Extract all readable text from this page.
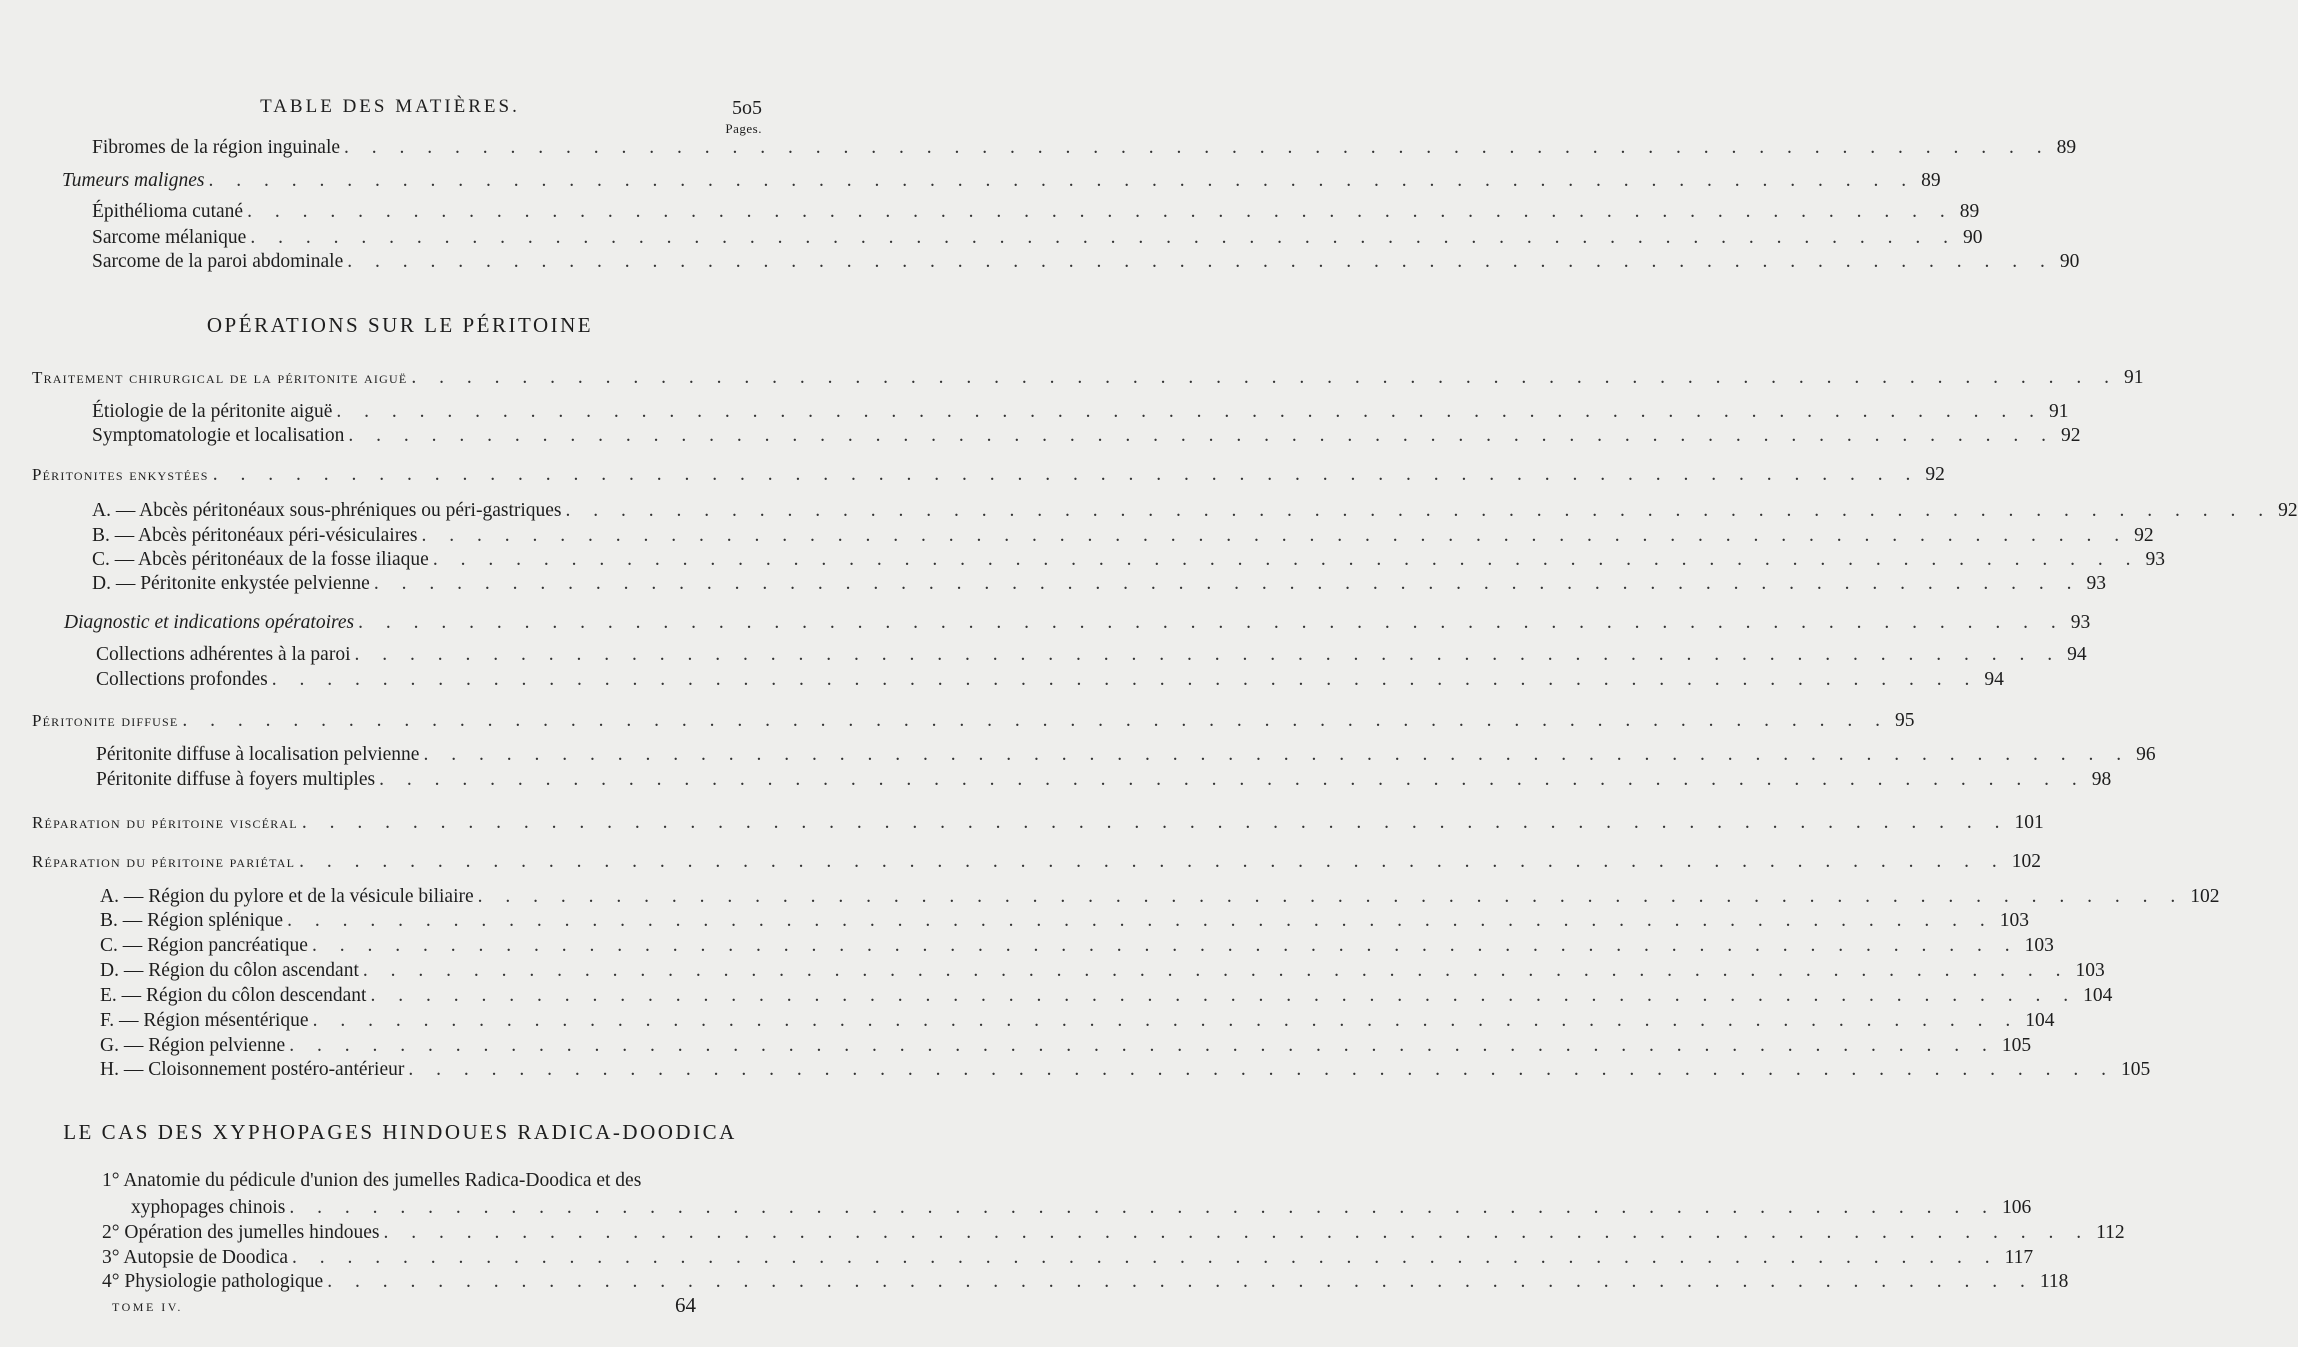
TABLE DES MATIÈRES.	5o5
Pages.
Fibromes de la région inguinale . . . . . . . . . . . . . . . . . . . . . . . . . . . . . . . . . . . . . . . . . . . . . . . . . . . . . . . . . . . . . . 89
Tumeurs malignes . . . . . . . . . . . . . . . . . . . . . . . . . . . . . . . . . . . . . . . . . . . . . . . . . . . . . . . . . . . . . . 89
Épithélioma cutané . . . . . . . . . . . . . . . . . . . . . . . . . . . . . . . . . . . . . . . . . . . . . . . . . . . . . . . . . . . . . . 89
Sarcome mélanique . . . . . . . . . . . . . . . . . . . . . . . . . . . . . . . . . . . . . . . . . . . . . . . . . . . . . . . . . . . . . . 90
Sarcome de la paroi abdominale . . . . . . . . . . . . . . . . . . . . . . . . . . . . . . . . . . . . . . . . . . . . . . . . . . . . . . . . . . . . . . 90
OPÉRATIONS SUR LE PÉRITOINE
Traitement chirurgical de la péritonite aiguë . . . . . . . . . . . . . . . . . . . . . . . . . . . . . . . . . . . . . . . . . . . . . . . . . . . . . . . . . . . . . . 91
Étiologie de la péritonite aiguë . . . . . . . . . . . . . . . . . . . . . . . . . . . . . . . . . . . . . . . . . . . . . . . . . . . . . . . . . . . . . . 91
Symptomatologie et localisation . . . . . . . . . . . . . . . . . . . . . . . . . . . . . . . . . . . . . . . . . . . . . . . . . . . . . . . . . . . . . . 92
Péritonites enkystées . . . . . . . . . . . . . . . . . . . . . . . . . . . . . . . . . . . . . . . . . . . . . . . . . . . . . . . . . . . . . . 92
A. — Abcès péritonéaux sous-phréniques ou péri-gastriques . . . . . . . . . . . . . . . . . . . . . . . . . . . . . . . . . . . . . . . . . . . . . . . . . . . . . . . . . . . . . . 92
B. — Abcès péritonéaux péri-vésiculaires . . . . . . . . . . . . . . . . . . . . . . . . . . . . . . . . . . . . . . . . . . . . . . . . . . . . . . . . . . . . . . 92
C. — Abcès péritonéaux de la fosse iliaque . . . . . . . . . . . . . . . . . . . . . . . . . . . . . . . . . . . . . . . . . . . . . . . . . . . . . . . . . . . . . . 93
D. — Péritonite enkystée pelvienne . . . . . . . . . . . . . . . . . . . . . . . . . . . . . . . . . . . . . . . . . . . . . . . . . . . . . . . . . . . . . . 93
Diagnostic et indications opératoires . . . . . . . . . . . . . . . . . . . . . . . . . . . . . . . . . . . . . . . . . . . . . . . . . . . . . . . . . . . . . . 93
Collections adhérentes à la paroi . . . . . . . . . . . . . . . . . . . . . . . . . . . . . . . . . . . . . . . . . . . . . . . . . . . . . . . . . . . . . . 94
Collections profondes . . . . . . . . . . . . . . . . . . . . . . . . . . . . . . . . . . . . . . . . . . . . . . . . . . . . . . . . . . . . . . 94
Péritonite diffuse . . . . . . . . . . . . . . . . . . . . . . . . . . . . . . . . . . . . . . . . . . . . . . . . . . . . . . . . . . . . . . 95
Péritonite diffuse à localisation pelvienne . . . . . . . . . . . . . . . . . . . . . . . . . . . . . . . . . . . . . . . . . . . . . . . . . . . . . . . . . . . . . . 96
Péritonite diffuse à foyers multiples . . . . . . . . . . . . . . . . . . . . . . . . . . . . . . . . . . . . . . . . . . . . . . . . . . . . . . . . . . . . . . 98
Réparation du péritoine viscéral . . . . . . . . . . . . . . . . . . . . . . . . . . . . . . . . . . . . . . . . . . . . . . . . . . . . . . . . . . . . . . 101
Réparation du péritoine pariétal . . . . . . . . . . . . . . . . . . . . . . . . . . . . . . . . . . . . . . . . . . . . . . . . . . . . . . . . . . . . . . 102
A. — Région du pylore et de la vésicule biliaire . . . . . . . . . . . . . . . . . . . . . . . . . . . . . . . . . . . . . . . . . . . . . . . . . . . . . . . . . . . . . . 102
B. — Région splénique . . . . . . . . . . . . . . . . . . . . . . . . . . . . . . . . . . . . . . . . . . . . . . . . . . . . . . . . . . . . . . 103
C. — Région pancréatique . . . . . . . . . . . . . . . . . . . . . . . . . . . . . . . . . . . . . . . . . . . . . . . . . . . . . . . . . . . . . . 103
D. — Région du côlon ascendant . . . . . . . . . . . . . . . . . . . . . . . . . . . . . . . . . . . . . . . . . . . . . . . . . . . . . . . . . . . . . . 103
E. — Région du côlon descendant . . . . . . . . . . . . . . . . . . . . . . . . . . . . . . . . . . . . . . . . . . . . . . . . . . . . . . . . . . . . . . 104
F. — Région mésentérique . . . . . . . . . . . . . . . . . . . . . . . . . . . . . . . . . . . . . . . . . . . . . . . . . . . . . . . . . . . . . . 104
G. — Région pelvienne . . . . . . . . . . . . . . . . . . . . . . . . . . . . . . . . . . . . . . . . . . . . . . . . . . . . . . . . . . . . . . 105
H. — Cloisonnement postéro-antérieur . . . . . . . . . . . . . . . . . . . . . . . . . . . . . . . . . . . . . . . . . . . . . . . . . . . . . . . . . . . . . . 105
LE CAS DES XYPHOPAGES HINDOUES RADICA-DOODICA
1° Anatomie du pédicule d'union des jumelles Radica-Doodica et des
xyphopages chinois . . . . . . . . . . . . . . . . . . . . . . . . . . . . . . . . . . . . . . . . . . . . . . . . . . . . . . . . . . . . . . 106
2° Opération des jumelles hindoues . . . . . . . . . . . . . . . . . . . . . . . . . . . . . . . . . . . . . . . . . . . . . . . . . . . . . . . . . . . . . . 112
3° Autopsie de Doodica . . . . . . . . . . . . . . . . . . . . . . . . . . . . . . . . . . . . . . . . . . . . . . . . . . . . . . . . . . . . . . 117
4° Physiologie pathologique . . . . . . . . . . . . . . . . . . . . . . . . . . . . . . . . . . . . . . . . . . . . . . . . . . . . . . . . . . . . . . 118
TOME IV.	64
